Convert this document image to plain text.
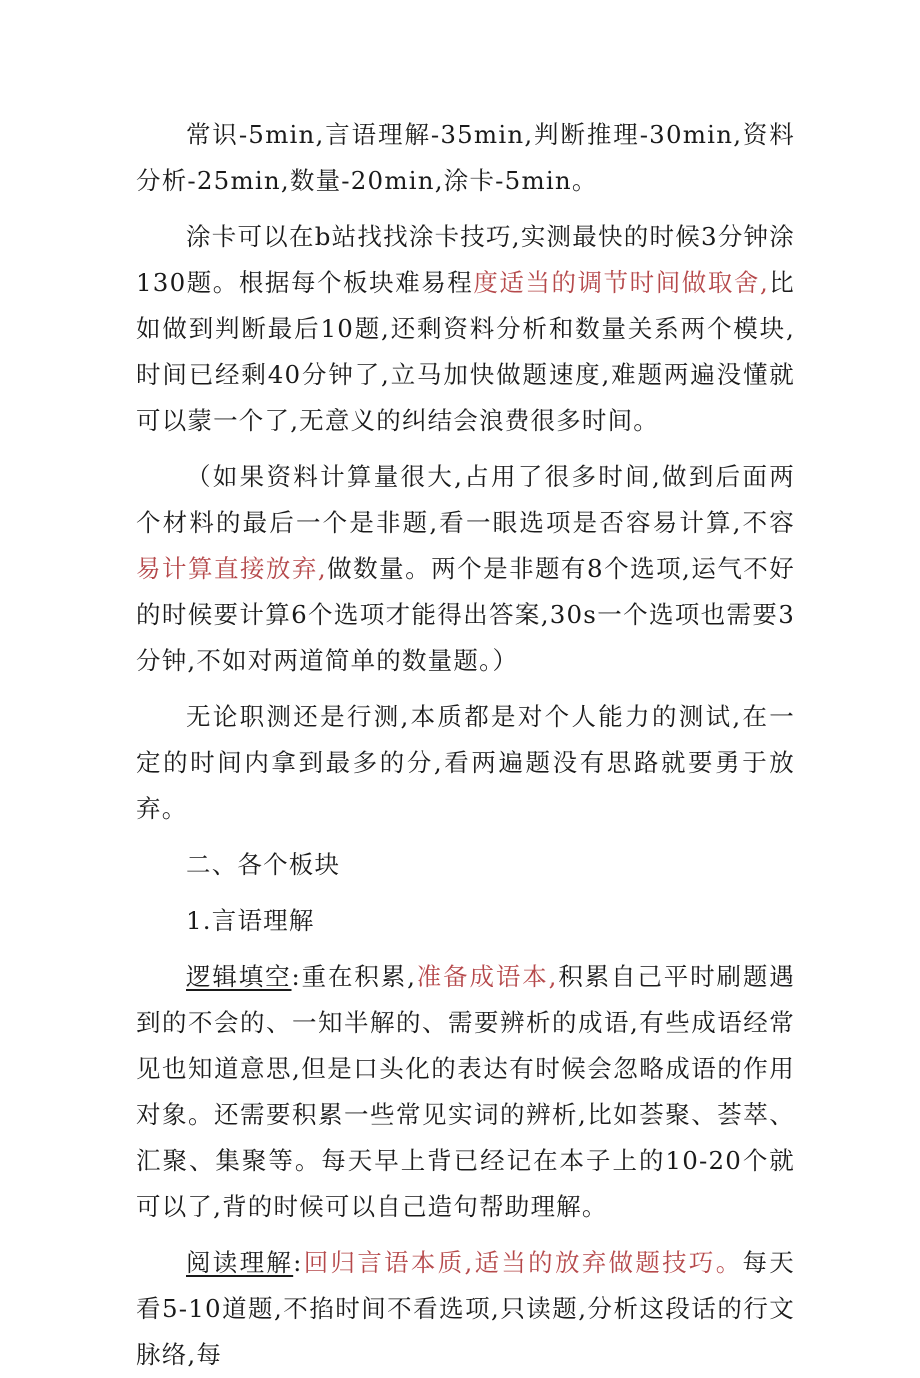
常识-5min,言语理解-35min,判断推理-30min,资料分析-25min,数量-20min,涂卡-5min。

涂卡可以在b站找找涂卡技巧,实测最快的时候3分钟涂130题。根据每个板块难易程度适当的调节时间做取舍,比如做到判断最后10题,还剩资料分析和数量关系两个模块,时间已经剩40分钟了,立马加快做题速度,难题两遍没懂就可以蒙一个了,无意义的纠结会浪费很多时间。

（如果资料计算量很大,占用了很多时间,做到后面两个材料的最后一个是非题,看一眼选项是否容易计算,不容易计算直接放弃,做数量。两个是非题有8个选项,运气不好的时候要计算6个选项才能得出答案,30s一个选项也需要3分钟,不如对两道简单的数量题。）

无论职测还是行测,本质都是对个人能力的测试,在一定的时间内拿到最多的分,看两遍题没有思路就要勇于放弃。

二、各个板块

1.言语理解

逻辑填空:重在积累,准备成语本,积累自己平时刷题遇到的不会的、一知半解的、需要辨析的成语,有些成语经常见也知道意思,但是口头化的表达有时候会忽略成语的作用对象。还需要积累一些常见实词的辨析,比如荟聚、荟萃、汇聚、集聚等。每天早上背已经记在本子上的10-20个就可以了,背的时候可以自己造句帮助理解。

阅读理解:回归言语本质,适当的放弃做题技巧。每天看5-10道题,不掐时间不看选项,只读题,分析这段话的行文脉络,每
